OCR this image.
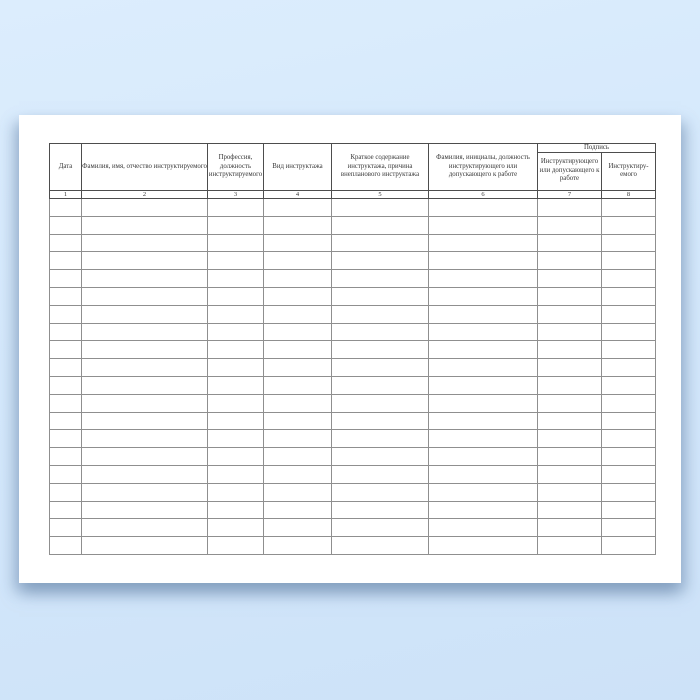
Дата	Фамилия, имя, отчество инструктируемого	Профессия, должность инструктируемого	Вид инструктажа	Краткое содержание инструктажа, причина внепланового инструктажа	Фамилия, инициалы, должность инструктирующего или допускающего к работе	Подпись	
						Инструктирующего или допускающего к работе	Инструктиру-емого
1	2	3	4	5	6	7	8
